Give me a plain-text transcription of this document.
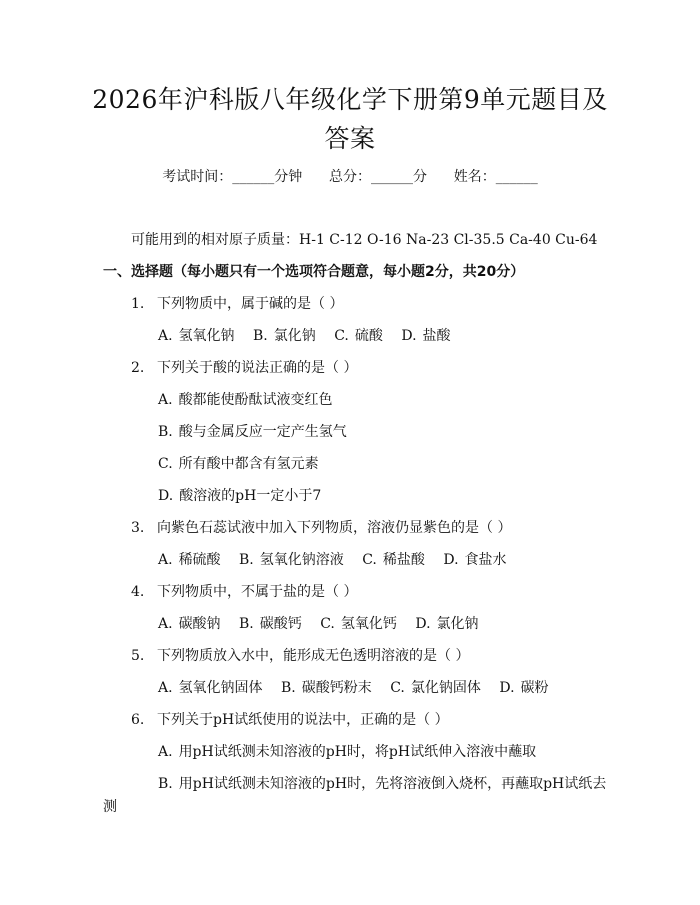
2026年沪科版八年级化学下册第9单元题目及答案
考试时间：______分钟 总分：______分 姓名：______
可能用到的相对原子质量：H-1 C-12 O-16 Na-23 Cl-35.5 Ca-40 Cu-64
一、选择题（每小题只有一个选项符合题意，每小题2分，共20分）
1. 下列物质中，属于碱的是（ ）
A. 氢氧化钠 B. 氯化钠 C. 硫酸 D. 盐酸
2. 下列关于酸的说法正确的是（ ）
A. 酸都能使酚酞试液变红色
B. 酸与金属反应一定产生氢气
C. 所有酸中都含有氢元素
D. 酸溶液的pH一定小于7
3. 向紫色石蕊试液中加入下列物质，溶液仍显紫色的是（ ）
A. 稀硫酸 B. 氢氧化钠溶液 C. 稀盐酸 D. 食盐水
4. 下列物质中，不属于盐的是（ ）
A. 碳酸钠 B. 碳酸钙 C. 氢氧化钙 D. 氯化钠
5. 下列物质放入水中，能形成无色透明溶液的是（ ）
A. 氢氧化钠固体 B. 碳酸钙粉末 C. 氯化钠固体 D. 碳粉
6. 下列关于pH试纸使用的说法中，正确的是（ ）
A. 用pH试纸测未知溶液的pH时，将pH试纸伸入溶液中蘸取
B. 用pH试纸测未知溶液的pH时，先将溶液倒入烧杯，再蘸取pH试纸去
测
